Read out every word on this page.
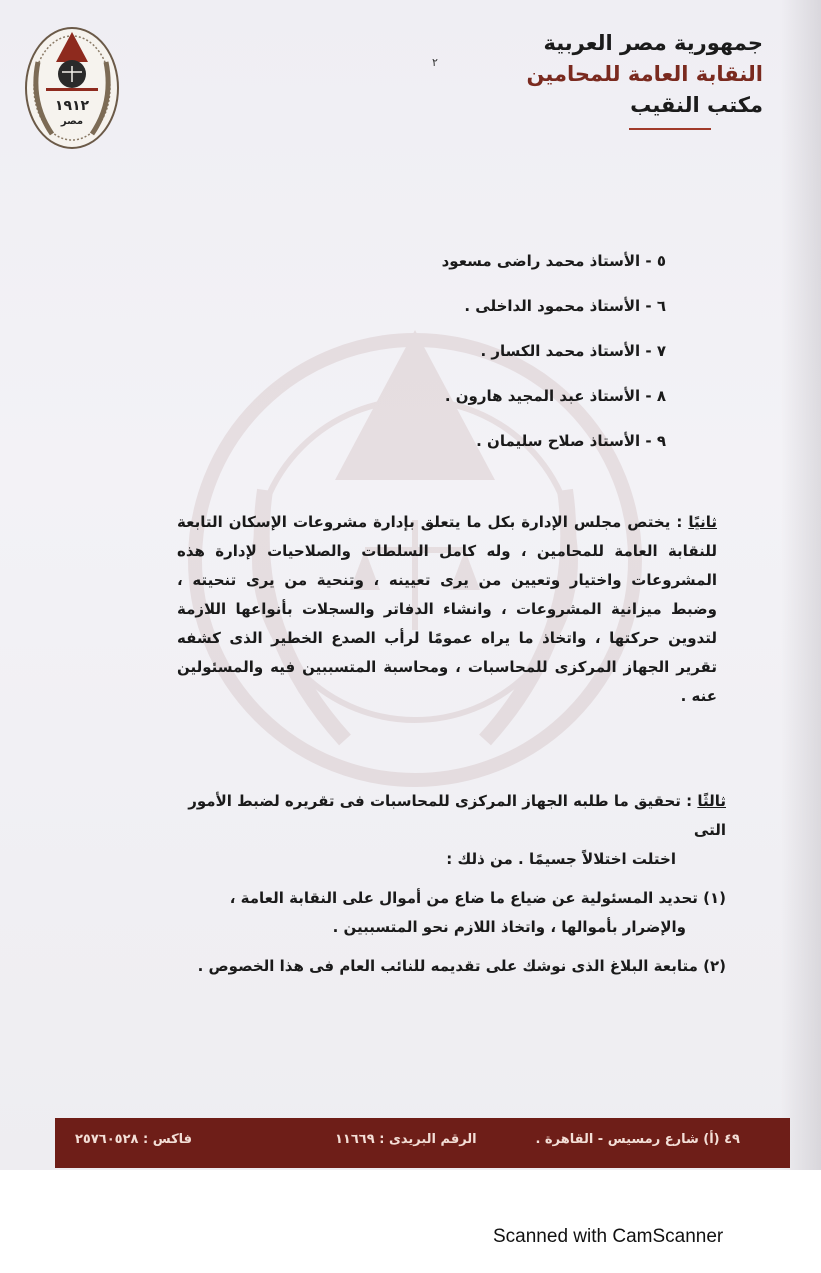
١٩١٢
مصر
جمهورية مصر العربية
النقابة العامة للمحامين
مكتب النقيب
٢
٥ - الأستاذ محمد راضى مسعود
٦ - الأستاذ محمود الداخلى .
٧ - الأستاذ محمد الكسار .
٨ - الأستاذ عبد المجيد هارون .
٩ - الأستاذ صلاح سليمان .
ثانيًا : يختص مجلس الإدارة بكل ما يتعلق بإدارة مشروعات الإسكان التابعة للنقابة العامة للمحامين ، وله كامل السلطات والصلاحيات لإدارة هذه المشروعات واختيار وتعيين من يرى تعيينه ، وتنحية من يرى تنحيته ، وضبط ميزانية المشروعات ، وانشاء الدفاتر والسجلات بأنواعها اللازمة لتدوين حركتها ، واتخاذ ما يراه عمومًا لرأب الصدع الخطير الذى كشفه تقرير الجهاز المركزى للمحاسبات ، ومحاسبة المتسببين فيه والمسئولين عنه .
ثالثًا : تحقيق ما طلبه الجهاز المركزى للمحاسبات فى تقريره لضبط الأمور التى
اختلت اختلالاً جسيمًا . من ذلك :
(١) تحديد المسئولية عن ضياع ما ضاع من أموال على النقابة العامة ،
والإضرار بأموالها ، واتخاذ اللازم نحو المتسببين .
(٢) متابعة البلاغ الذى نوشك على تقديمه للنائب العام فى هذا الخصوص .
٤٩ (أ) شارع رمسيس - القاهرة .
الرقم البريدى : ١١٦٦٩
فاكس : ٢٥٧٦٠٥٢٨
Scanned with CamScanner
